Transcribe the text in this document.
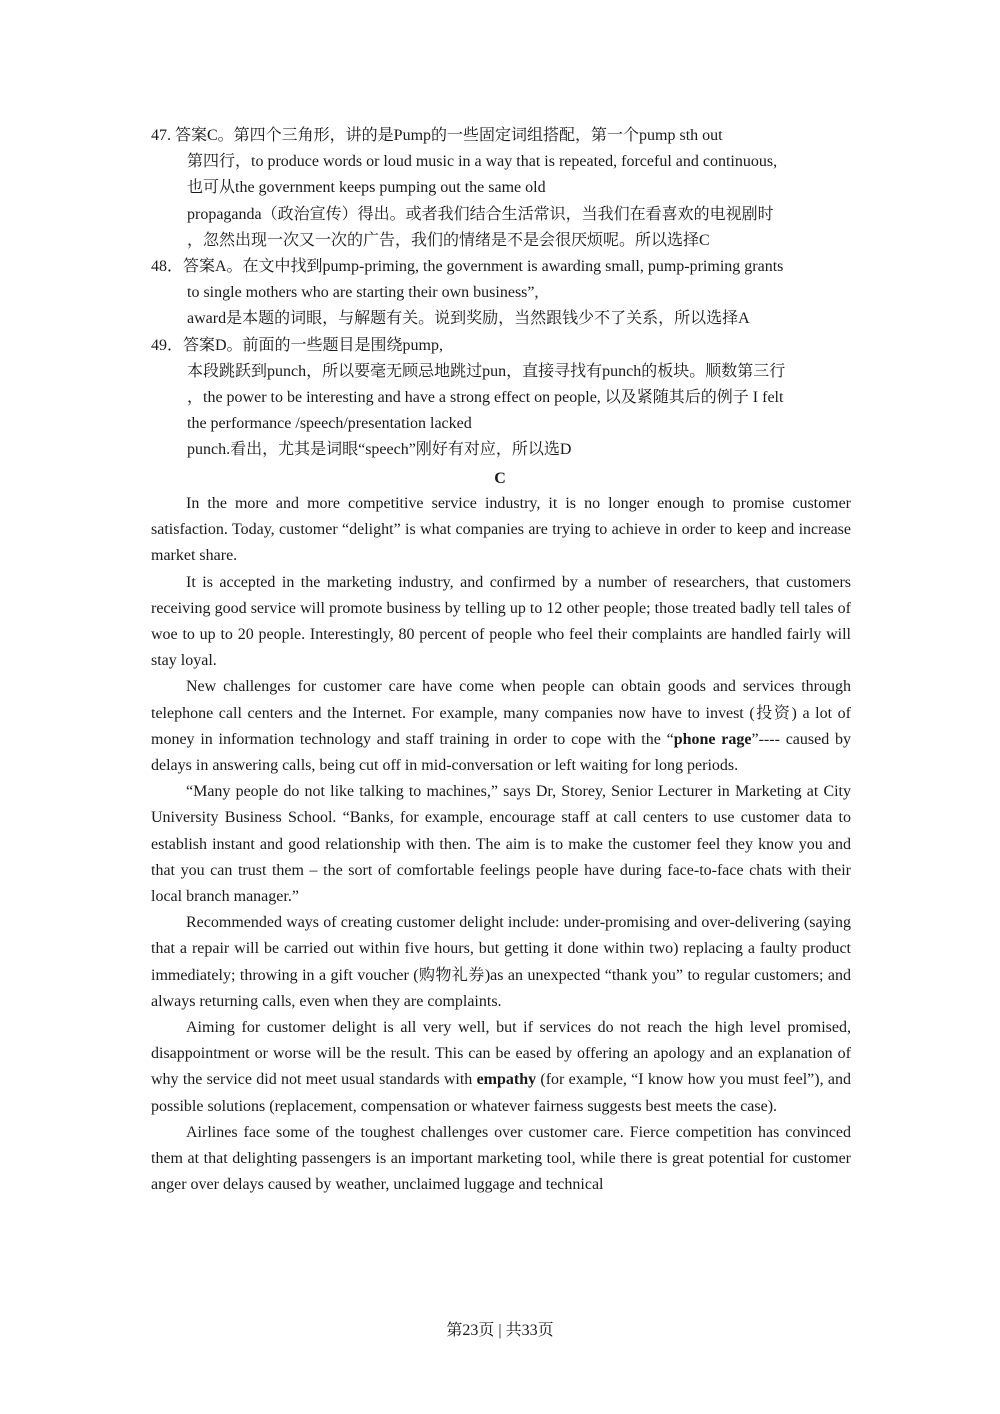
47. 答案C。第四个三角形，讲的是Pump的一些固定词组搭配，第一个pump sth out
第四行，to produce words or loud music in a way that is repeated, forceful and continuous,
也可从the government keeps pumping out the same old
propaganda（政治宣传）得出。或者我们结合生活常识，当我们在看喜欢的电视剧时
，忽然出现一次又一次的广告，我们的情绪是不是会很厌烦呢。所以选择C
48．答案A。在文中找到pump-priming, the government is awarding small, pump-priming grants
to single mothers who are starting their own business”,
award是本题的词眼，与解题有关。说到奖励，当然跟钱少不了关系，所以选择A
49．答案D。前面的一些题目是围绕pump,
本段跳跃到punch，所以要毫无顾忌地跳过pun，直接寻找有punch的板块。顺数第三行
，the power to be interesting and have a strong effect on people, 以及紧随其后的例子 I felt
the performance /speech/presentation lacked
punch.看出，尤其是词眼“speech”刚好有对应，所以选D
C

In the more and more competitive service industry, it is no longer enough to promise customer satisfaction. Today, customer “delight” is what companies are trying to achieve in order to keep and increase market share.

It is accepted in the marketing industry, and confirmed by a number of researchers, that customers receiving good service will promote business by telling up to 12 other people; those treated badly tell tales of woe to up to 20 people. Interestingly, 80 percent of people who feel their complaints are handled fairly will stay loyal.

New challenges for customer care have come when people can obtain goods and services through telephone call centers and the Internet. For example, many companies now have to invest (投资) a lot of money in information technology and staff training in order to cope with the “phone rage”---- caused by delays in answering calls, being cut off in mid-conversation or left waiting for long periods.

“Many people do not like talking to machines,” says Dr, Storey, Senior Lecturer in Marketing at City University Business School. “Banks, for example, encourage staff at call centers to use customer data to establish instant and good relationship with then. The aim is to make the customer feel they know you and that you can trust them – the sort of comfortable feelings people have during face-to-face chats with their local branch manager.”

Recommended ways of creating customer delight include: under-promising and over-delivering (saying that a repair will be carried out within five hours, but getting it done within two) replacing a faulty product immediately; throwing in a gift voucher (购物礼券)as an unexpected “thank you” to regular customers; and always returning calls, even when they are complaints.

Aiming for customer delight is all very well, but if services do not reach the high level promised, disappointment or worse will be the result. This can be eased by offering an apology and an explanation of why the service did not meet usual standards with empathy (for example, “I know how you must feel”), and possible solutions (replacement, compensation or whatever fairness suggests best meets the case).

Airlines face some of the toughest challenges over customer care. Fierce competition has convinced them at that delighting passengers is an important marketing tool, while there is great potential for customer anger over delays caused by weather, unclaimed luggage and technical

第23页 | 共33页
